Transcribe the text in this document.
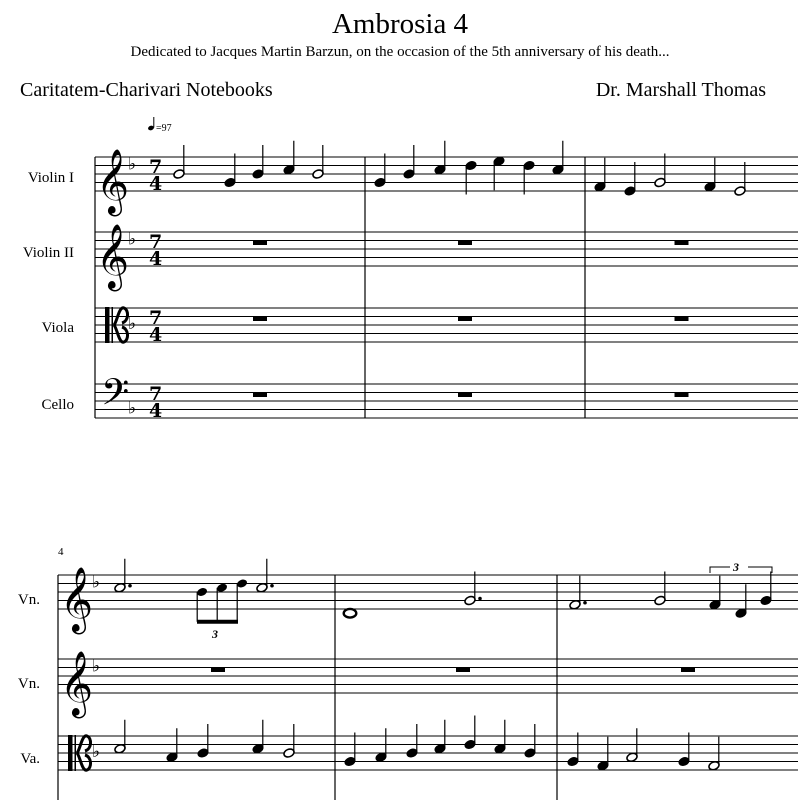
Ambrosia 4
Dedicated to Jacques Martin Barzun, on the occasion of the 5th anniversary of his death...
Caritatem-Charivari Notebooks	Dr. Marshall Thomas
Violin I
Violin II
Viola
Cello
Vn.
Vn.
Va.
=97
𝄞
♭ 7
4
𝄞
♭ 7
4
♭ 7
4
𝄢
♭
7
4
𝄞
♭
𝄞
♭
♭
4
3
3
